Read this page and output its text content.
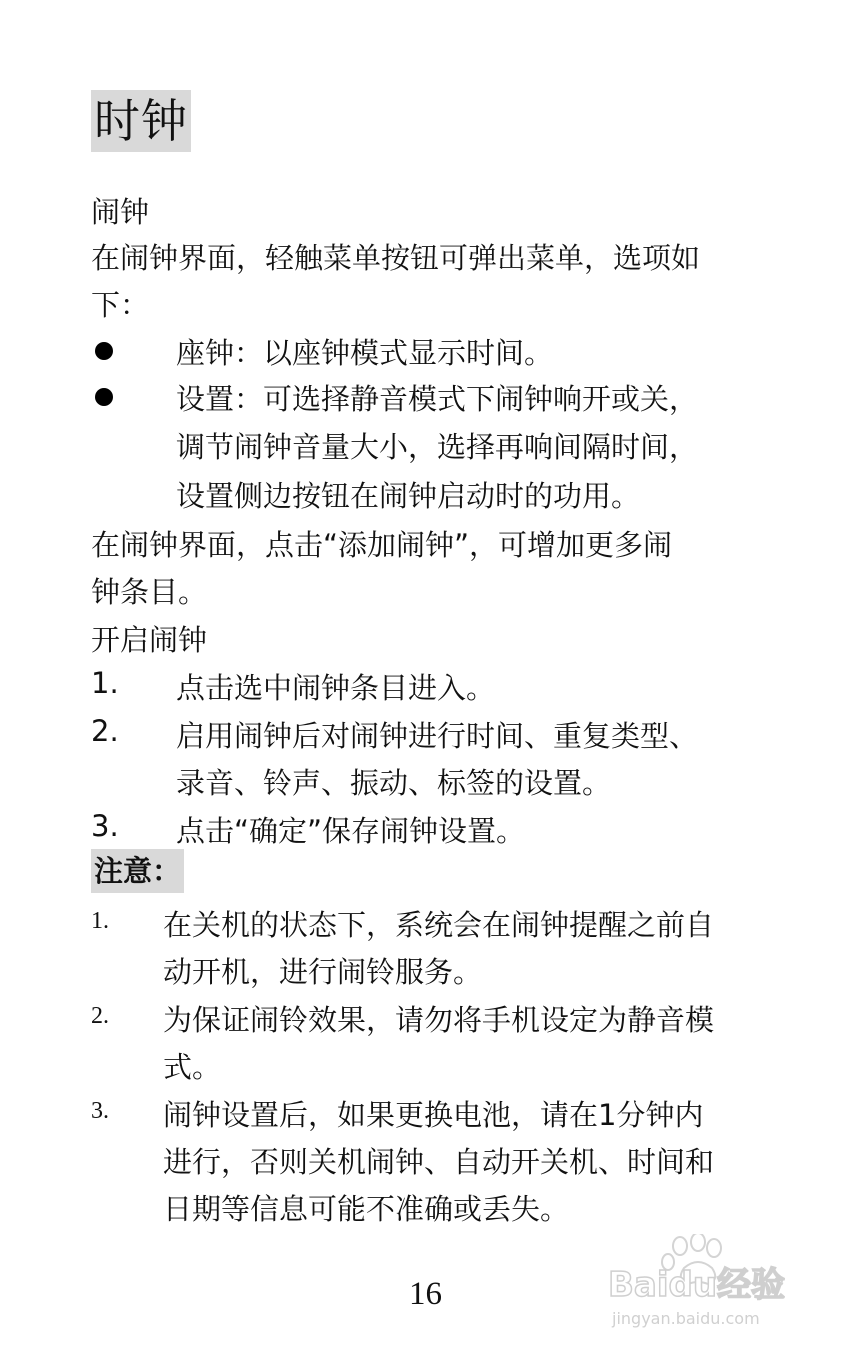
时钟
闹钟
在闹钟界面，轻触菜单按钮可弹出菜单，选项如
下：
座钟：以座钟模式显示时间。
设置：可选择静音模式下闹钟响开或关，
调节闹钟音量大小，选择再响间隔时间，
设置侧边按钮在闹钟启动时的功用。
在闹钟界面，点击“添加闹钟”，可增加更多闹
钟条目。
开启闹钟
1. 点击选中闹钟条目进入。
2. 启用闹钟后对闹钟进行时间、重复类型、
录音、铃声、振动、标签的设置。
3. 点击“确定”保存闹钟设置。
注意：
1. 在关机的状态下，系统会在闹钟提醒之前自
动开机，进行闹铃服务。
2. 为保证闹铃效果，请勿将手机设定为静音模
式。
3. 闹钟设置后，如果更换电池，请在1分钟内
进行，否则关机闹钟、自动开关机、时间和
日期等信息可能不准确或丢失。
16	Baidu经验
jingyan.baidu.com
